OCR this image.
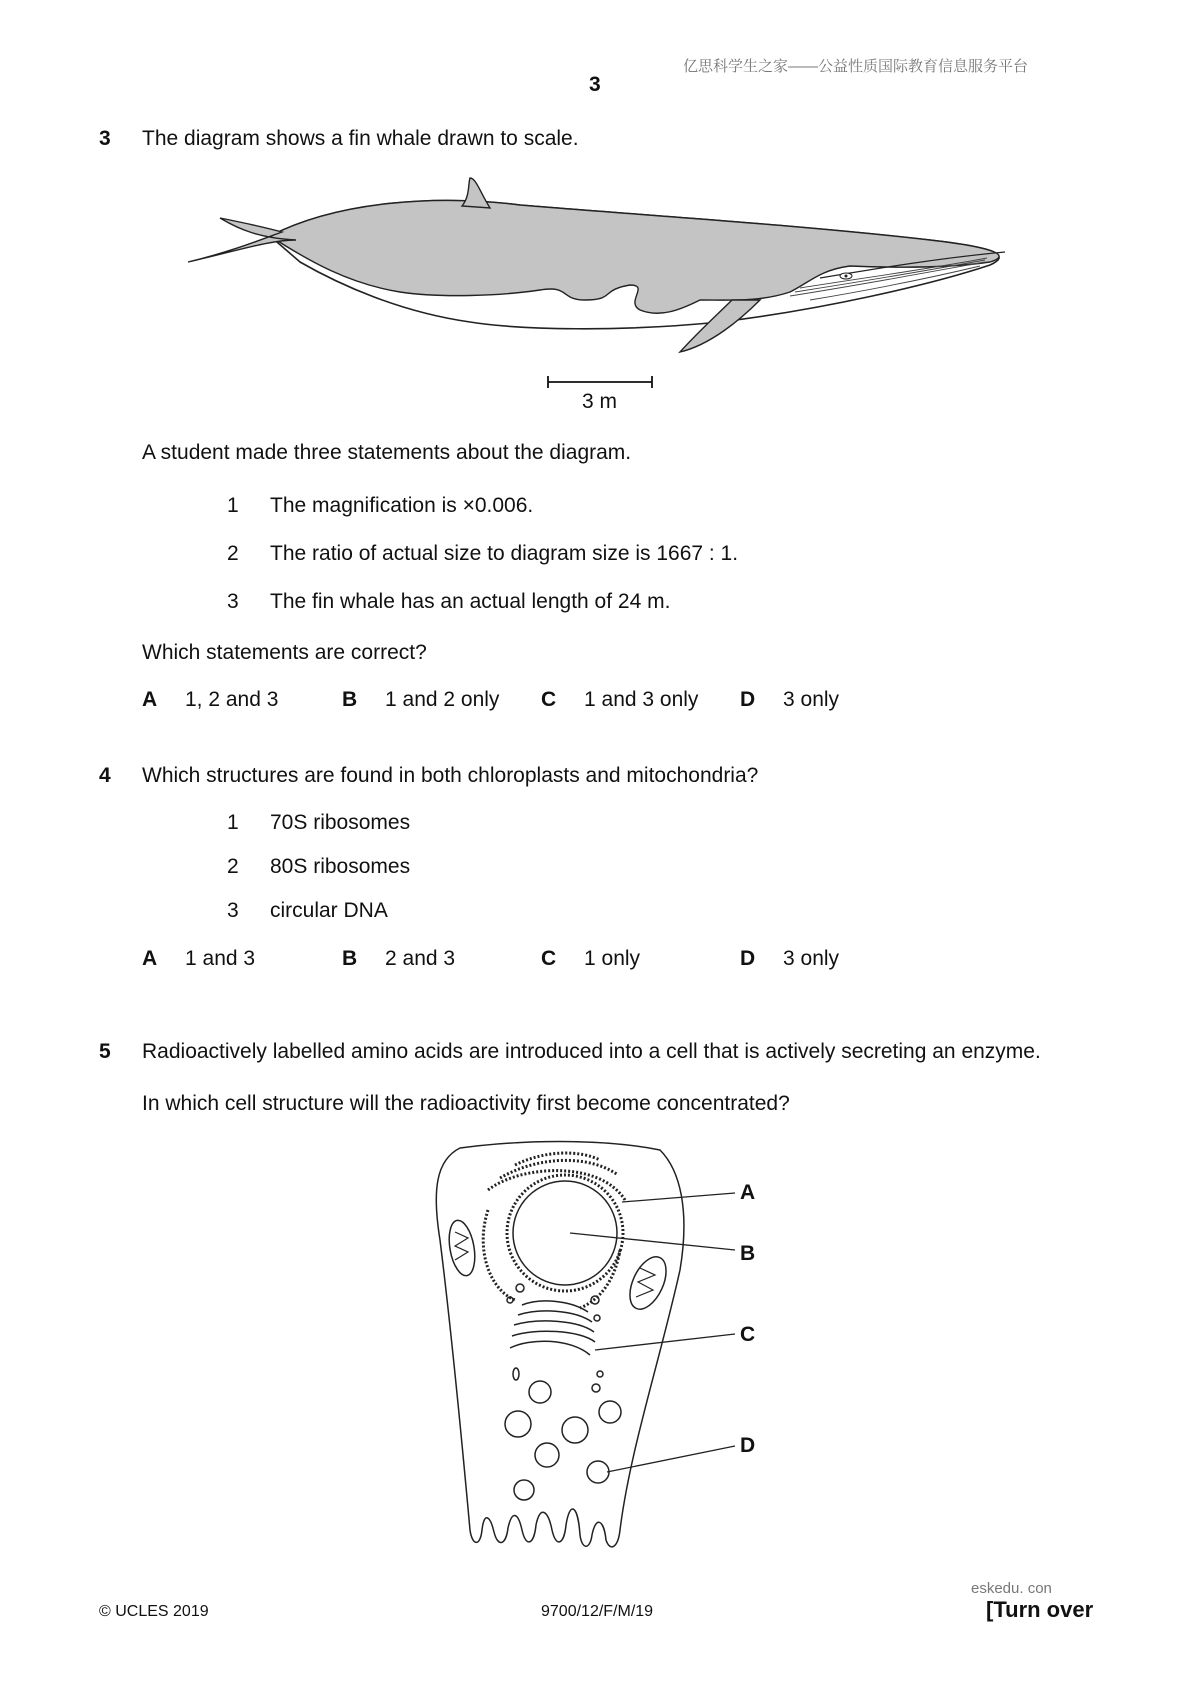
亿思科学生之家——公益性质国际教育信息服务平台
3
3 The diagram shows a fin whale drawn to scale.
3 m
A student made three statements about the diagram.
1 The magnification is ×0.006.
2 The ratio of actual size to diagram size is 1667 : 1.
3 The fin whale has an actual length of 24 m.
Which statements are correct?
A 1, 2 and 3	B 1 and 2 only C 1 and 3 only D 3 only
4 Which structures are found in both chloroplasts and mitochondria?
1 70S ribosomes
2 80S ribosomes
3 circular DNA
A 1 and 3	B 2 and 3	C 1 only	D 3 only
5 Radioactively labelled amino acids are introduced into a cell that is actively secreting an enzyme.
In which cell structure will the radioactivity first become concentrated?
A
B
C
D
eskedu. con
© UCLES 2019	9700/12/F/M/19	[Turn over
